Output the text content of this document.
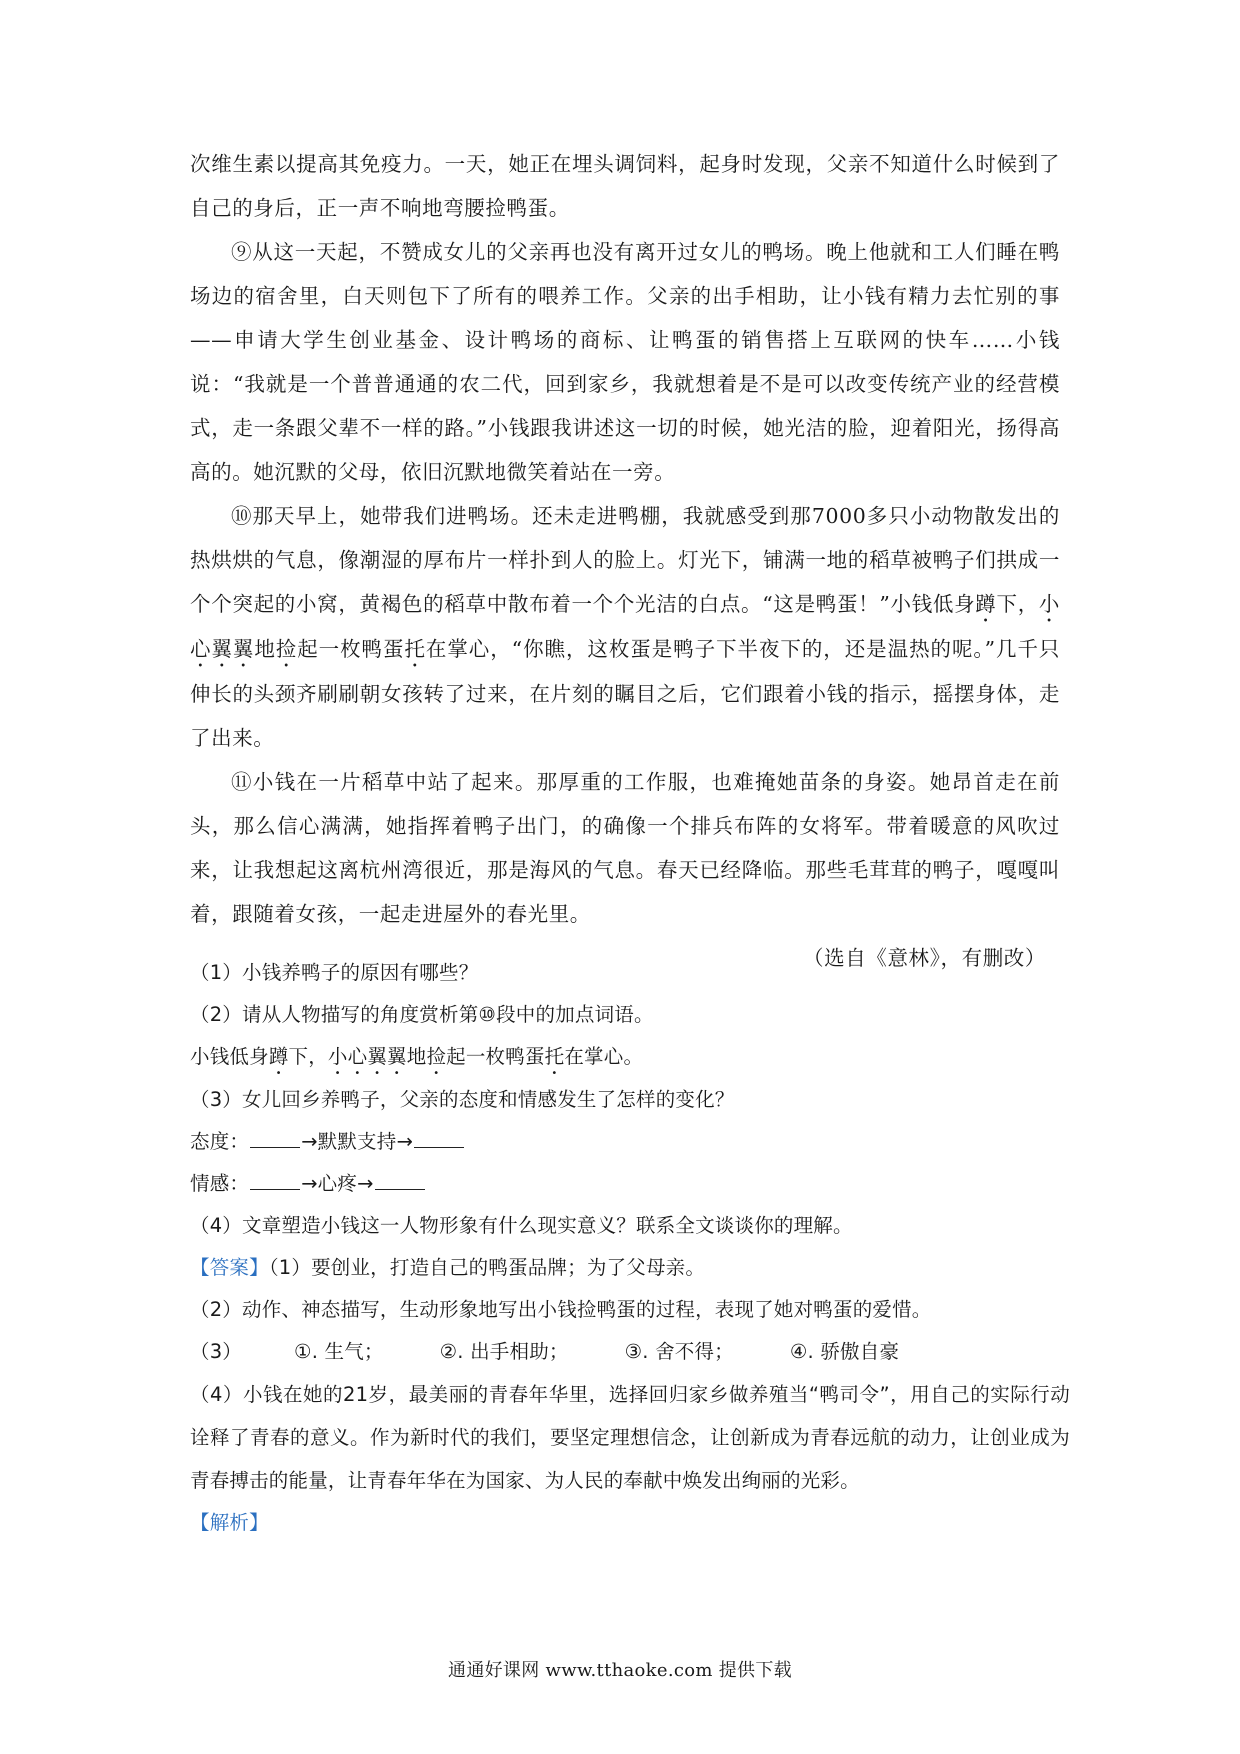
次维生素以提高其免疫力。一天，她正在埋头调饲料，起身时发现，父亲不知道什么时候到了自己的身后，正一声不响地弯腰捡鸭蛋。

⑨从这一天起，不赞成女儿的父亲再也没有离开过女儿的鸭场。晚上他就和工人们睡在鸭场边的宿舍里，白天则包下了所有的喂养工作。父亲的出手相助，让小钱有精力去忙别的事——申请大学生创业基金、设计鸭场的商标、让鸭蛋的销售搭上互联网的快车……小钱说：“我就是一个普普通通的农二代，回到家乡，我就想着是不是可以改变传统产业的经营模式，走一条跟父辈不一样的路。”小钱跟我讲述这一切的时候，她光洁的脸，迎着阳光，扬得高高的。她沉默的父母，依旧沉默地微笑着站在一旁。

⑩那天早上，她带我们进鸭场。还未走进鸭棚，我就感受到那7000多只小动物散发出的热烘烘的气息，像潮湿的厚布片一样扑到人的脸上。灯光下，铺满一地的稻草被鸭子们拱成一个个突起的小窝，黄褐色的稻草中散布着一个个光洁的白点。“这是鸭蛋！”小钱低身蹲下，小心翼翼地捡起一枚鸭蛋托在掌心，“你瞧，这枚蛋是鸭子下半夜下的，还是温热的呢。”几千只伸长的头颈齐刷刷朝女孩转了过来，在片刻的瞩目之后，它们跟着小钱的指示，摇摆身体，走了出来。

⑪小钱在一片稻草中站了起来。那厚重的工作服，也难掩她苗条的身姿。她昂首走在前头，那么信心满满，她指挥着鸭子出门，的确像一个排兵布阵的女将军。带着暖意的风吹过来，让我想起这离杭州湾很近，那是海风的气息。春天已经降临。那些毛茸茸的鸭子，嘎嘎叫着，跟随着女孩，一起走进屋外的春光里。

（选自《意林》，有删改）

（1）小钱养鸭子的原因有哪些？

（2）请从人物描写的角度赏析第⑩段中的加点词语。

小钱低身蹲下，小心翼翼地捡起一枚鸭蛋托在掌心。

（3）女儿回乡养鸭子，父亲的态度和情感发生了怎样的变化？

态度：	→默默支持→

情感：	→心疼→

（4）文章塑造小钱这一人物形象有什么现实意义？联系全文谈谈你的理解。

【答案】（1）要创业，打造自己的鸭蛋品牌；为了父母亲。

（2）动作、神态描写，生动形象地写出小钱捡鸭蛋的过程，表现了她对鸭蛋的爱惜。

（3）	①. 生气；	②. 出手相助；	③. 舍不得；	④. 骄傲自豪

（4）小钱在她的21岁，最美丽的青春年华里，选择回归家乡做养殖当“鸭司令”，用自己的实际行动诠释了青春的意义。作为新时代的我们，要坚定理想信念，让创新成为青春远航的动力，让创业成为青春搏击的能量，让青春年华在为国家、为人民的奉献中焕发出绚丽的光彩。

【解析】

通通好课网 www.tthaoke.com 提供下载
